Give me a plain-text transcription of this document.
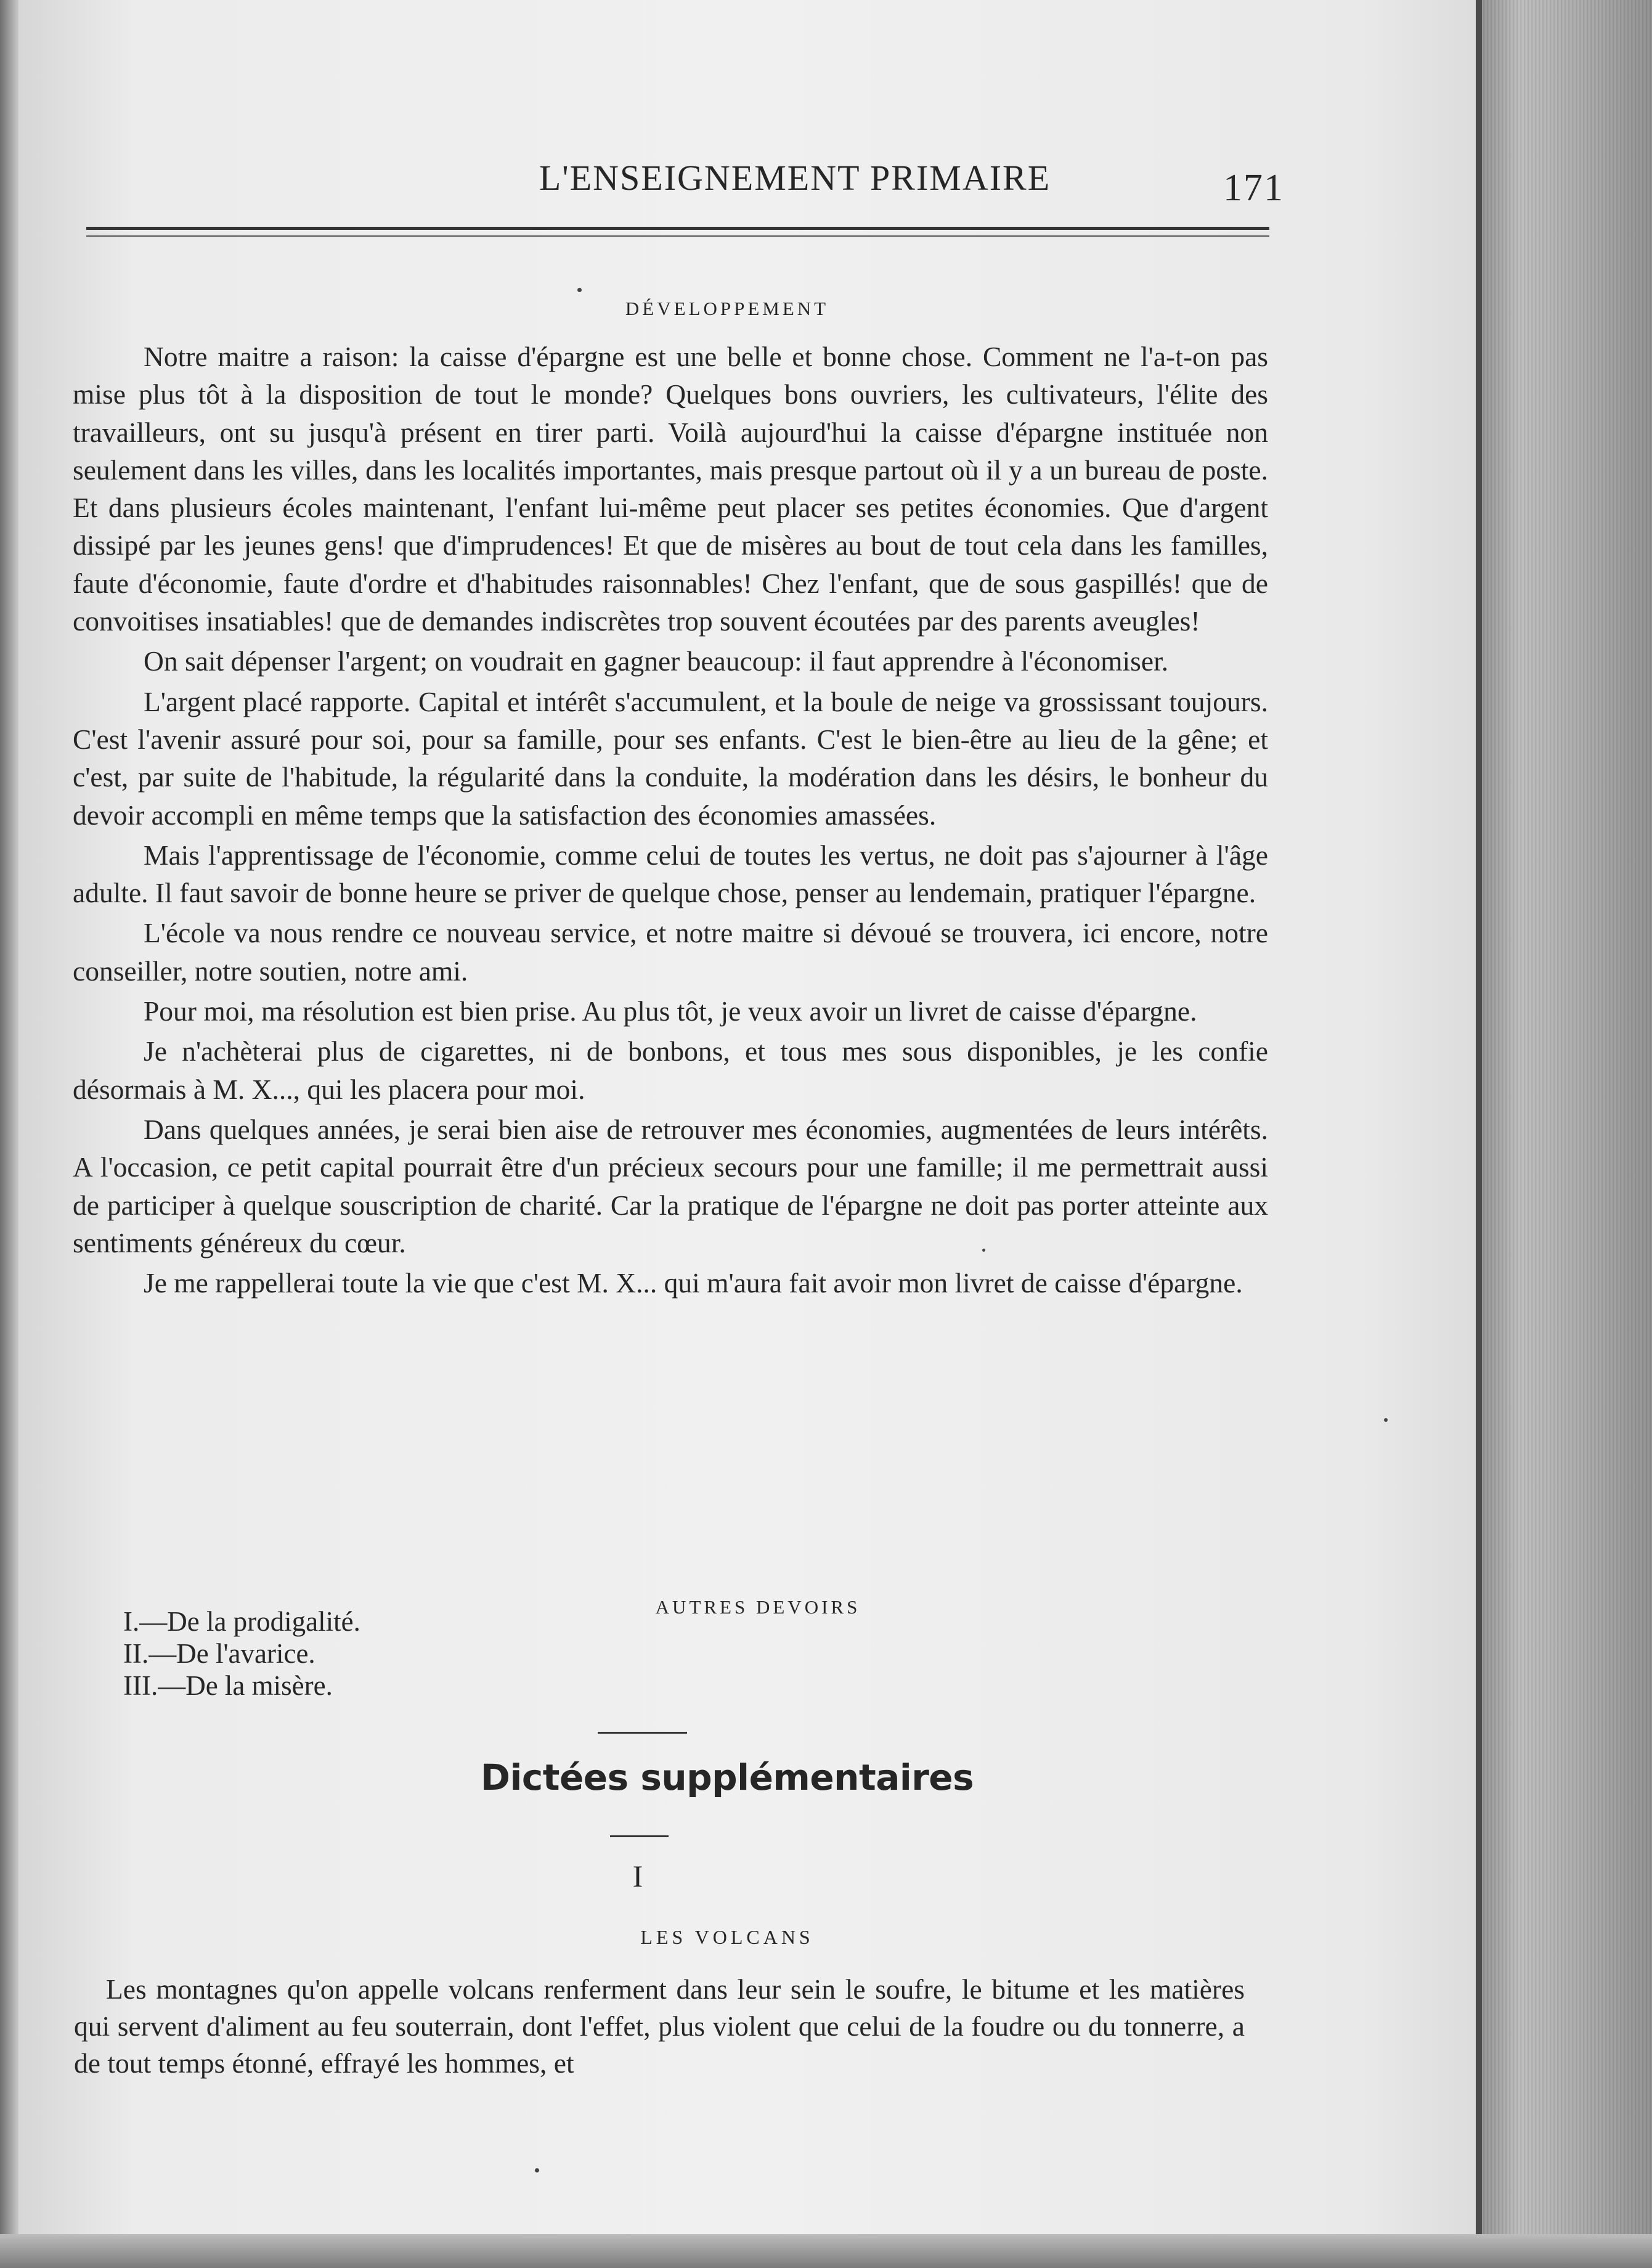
L'ENSEIGNEMENT PRIMAIRE	171
DÉVELOPPEMENT

Notre maitre a raison: la caisse d'épargne est une belle et bonne chose. Comment ne l'a-t-on pas mise plus tôt à la disposition de tout le monde? Quelques bons ouvriers, les cultivateurs, l'élite des travailleurs, ont su jusqu'à présent en tirer parti. Voilà aujourd'hui la caisse d'épargne instituée non seulement dans les villes, dans les localités importantes, mais presque partout où il y a un bureau de poste. Et dans plusieurs écoles maintenant, l'enfant lui-même peut placer ses petites économies. Que d'argent dissipé par les jeunes gens! que d'imprudences! Et que de misères au bout de tout cela dans les familles, faute d'économie, faute d'ordre et d'habitudes raisonnables! Chez l'enfant, que de sous gaspillés! que de convoitises insatiables! que de demandes indiscrètes trop souvent écoutées par des parents aveugles!

On sait dépenser l'argent; on voudrait en gagner beaucoup: il faut apprendre à l'économiser.

L'argent placé rapporte. Capital et intérêt s'accumulent, et la boule de neige va grossissant toujours. C'est l'avenir assuré pour soi, pour sa famille, pour ses enfants. C'est le bien-être au lieu de la gêne; et c'est, par suite de l'habitude, la régularité dans la conduite, la modération dans les désirs, le bonheur du devoir accompli en même temps que la satisfaction des économies amassées.

Mais l'apprentissage de l'économie, comme celui de toutes les vertus, ne doit pas s'ajourner à l'âge adulte. Il faut savoir de bonne heure se priver de quelque chose, penser au lendemain, pratiquer l'épargne.

L'école va nous rendre ce nouveau service, et notre maitre si dévoué se trouvera, ici encore, notre conseiller, notre soutien, notre ami.

Pour moi, ma résolution est bien prise. Au plus tôt, je veux avoir un livret de caisse d'épargne.

Je n'achèterai plus de cigarettes, ni de bonbons, et tous mes sous disponibles, je les confie désormais à M. X..., qui les placera pour moi.

Dans quelques années, je serai bien aise de retrouver mes économies, augmentées de leurs intérêts. A l'occasion, ce petit capital pourrait être d'un précieux secours pour une famille; il me permettrait aussi de participer à quelque souscription de charité. Car la pratique de l'épargne ne doit pas porter atteinte aux sentiments généreux du cœur.

Je me rappellerai toute la vie que c'est M. X... qui m'aura fait avoir mon livret de caisse d'épargne.

AUTRES DEVOIRS
I.—De la prodigalité.
II.—De l'avarice.
III.—De la misère.
Dictées supplémentaires
I
LES VOLCANS

Les montagnes qu'on appelle volcans renferment dans leur sein le soufre, le bitume et les matières qui servent d'aliment au feu souterrain, dont l'effet, plus violent que celui de la foudre ou du tonnerre, a de tout temps étonné, effrayé les hommes, et
